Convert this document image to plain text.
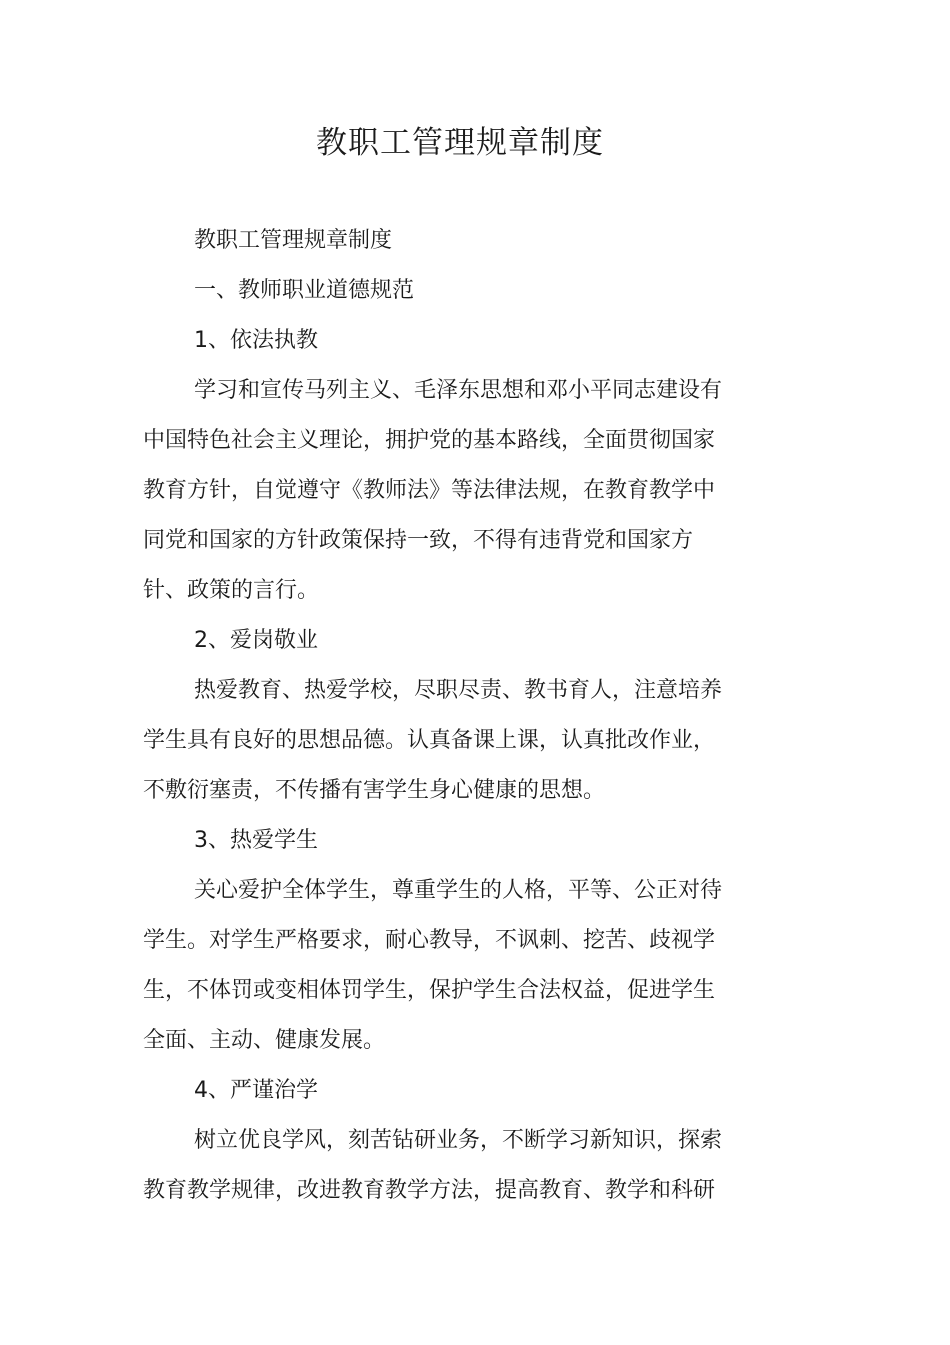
教职工管理规章制度

教职工管理规章制度

一、教师职业道德规范

1、依法执教

学习和宣传马列主义、毛泽东思想和邓小平同志建设有

中国特色社会主义理论，拥护党的基本路线，全面贯彻国家

教育方针，自觉遵守《教师法》等法律法规，在教育教学中

同党和国家的方针政策保持一致，不得有违背党和国家方

针、政策的言行。

2、爱岗敬业

热爱教育、热爱学校，尽职尽责、教书育人，注意培养

学生具有良好的思想品德。认真备课上课，认真批改作业，

不敷衍塞责，不传播有害学生身心健康的思想。

3、热爱学生

关心爱护全体学生，尊重学生的人格，平等、公正对待

学生。对学生严格要求，耐心教导，不讽刺、挖苦、歧视学

生，不体罚或变相体罚学生，保护学生合法权益，促进学生

全面、主动、健康发展。

4、严谨治学

树立优良学风，刻苦钻研业务，不断学习新知识，探索

教育教学规律，改进教育教学方法，提高教育、教学和科研
